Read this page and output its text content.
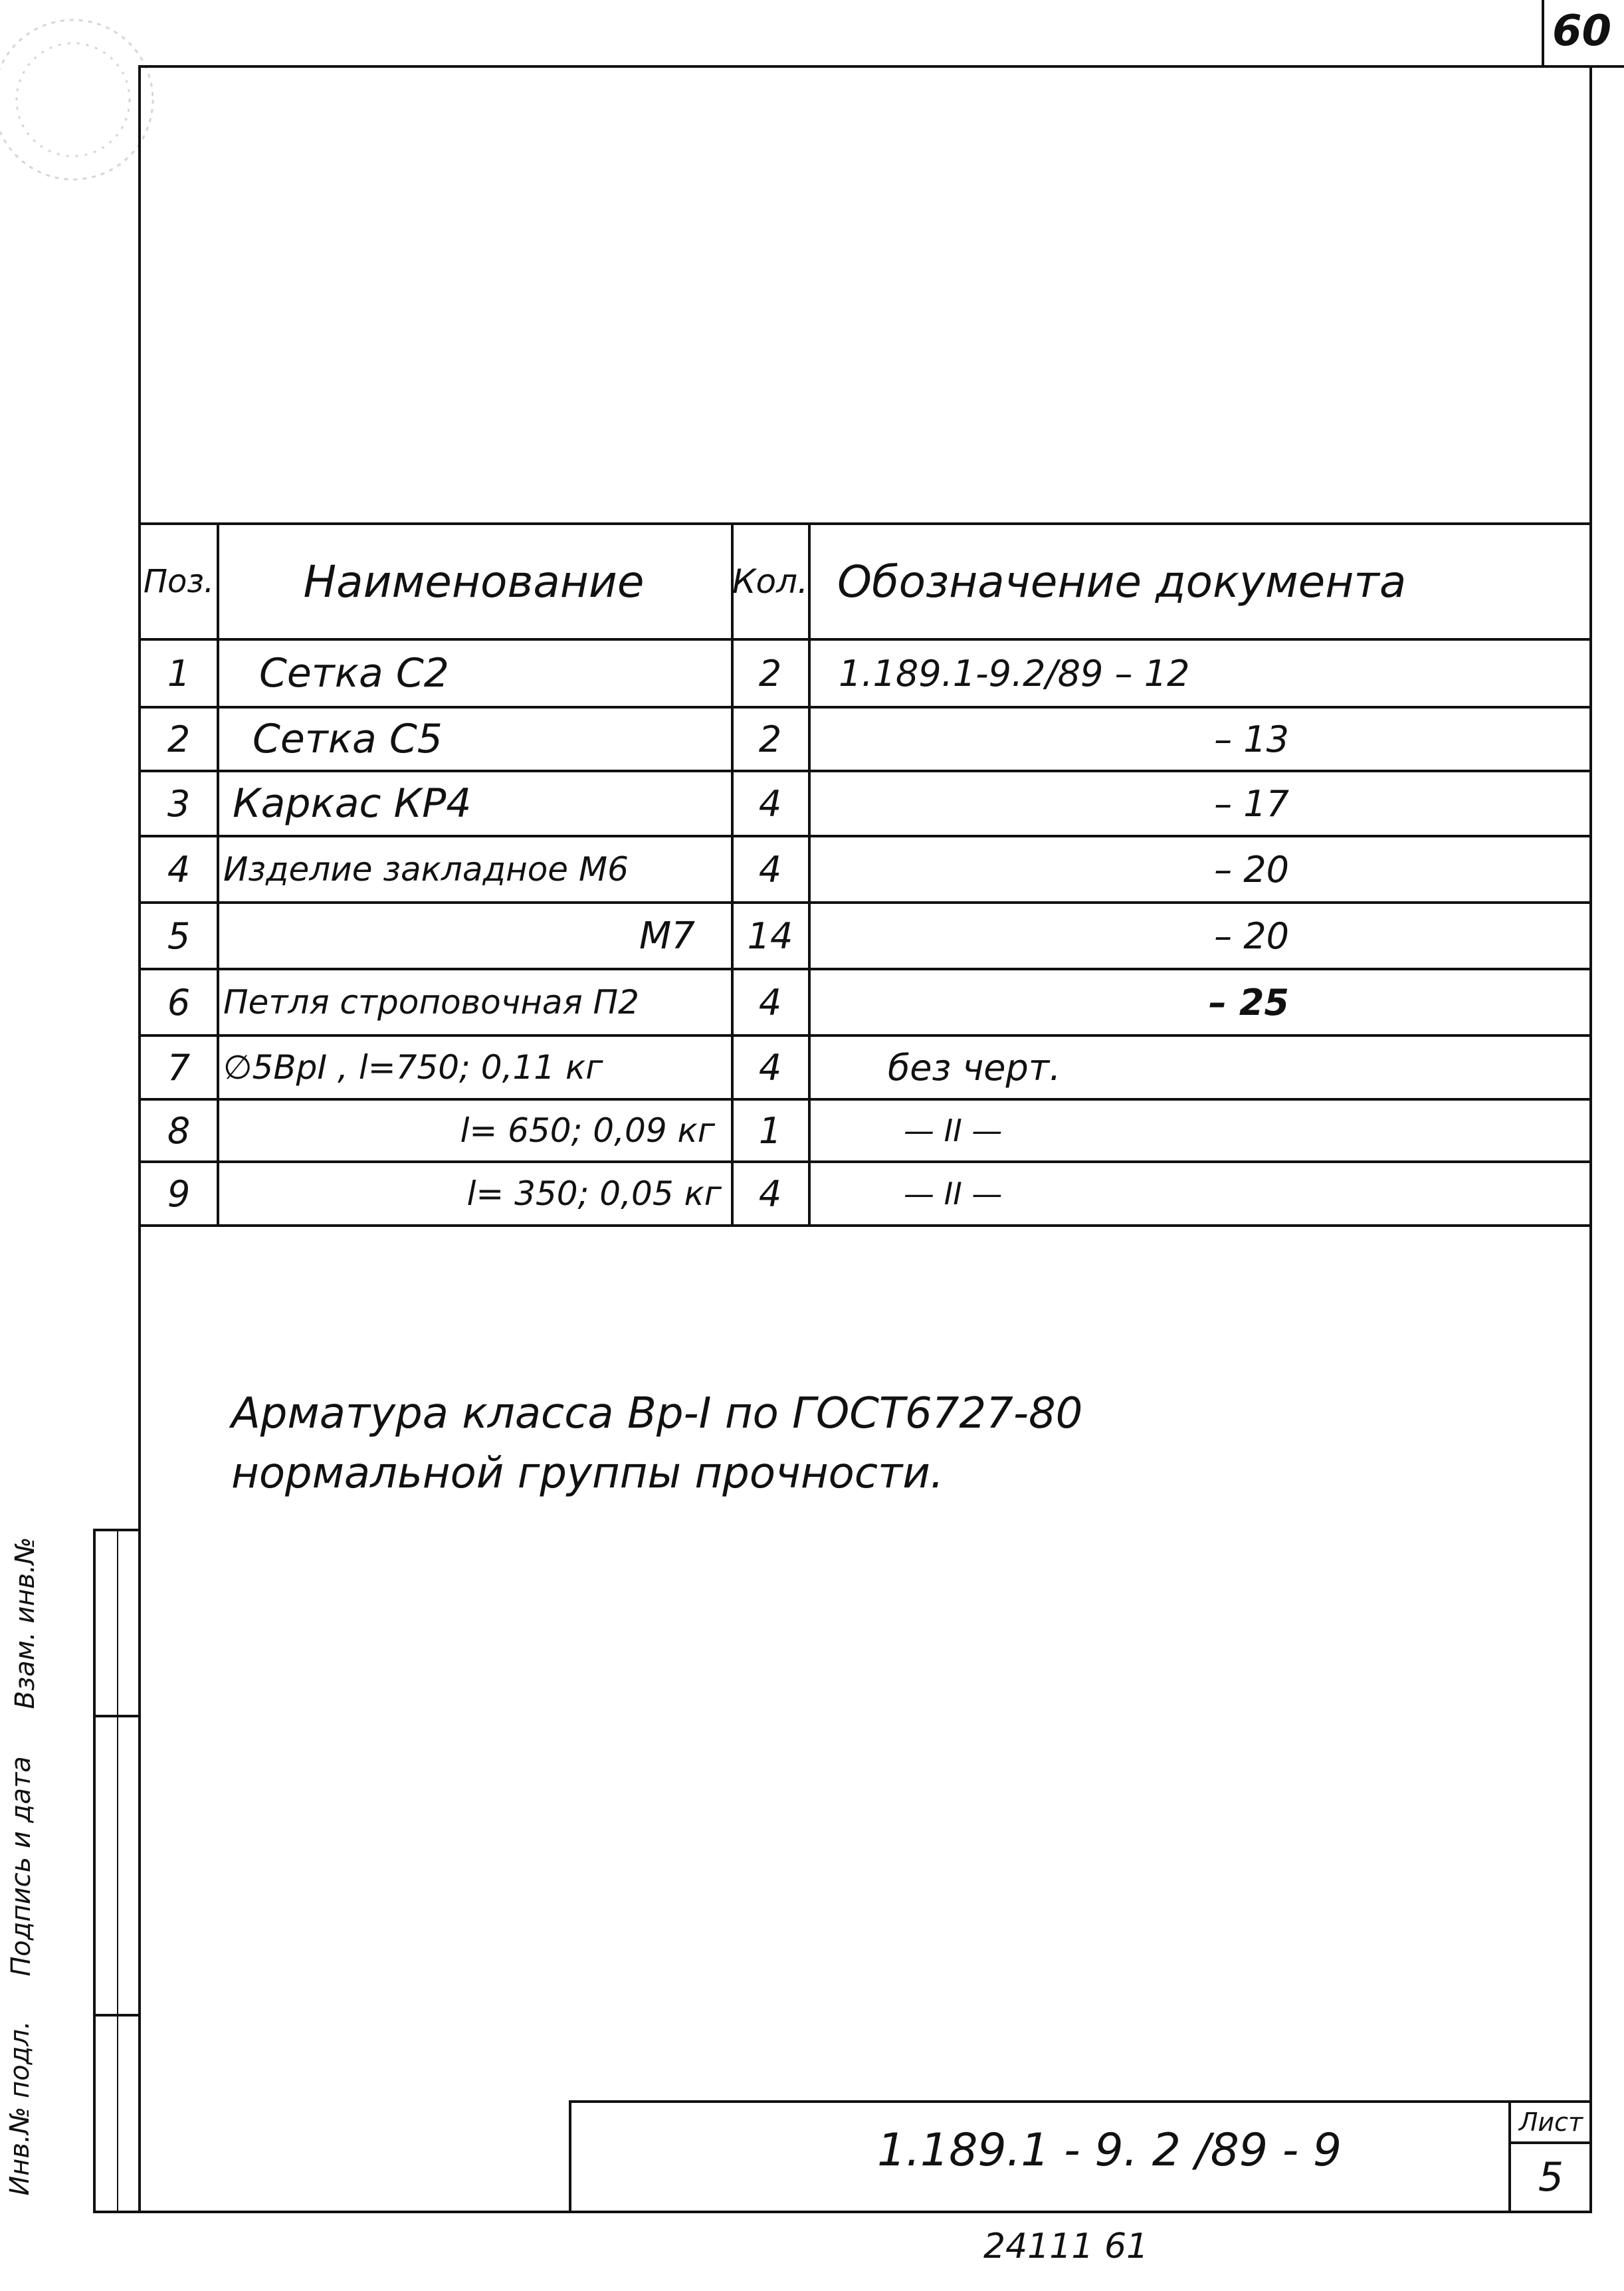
60
Поз.	Наименование	Кол. Обозначение документа
1	Сетка С2	2	1.189.1-9.2/89 – 12
2	Сетка С5	2	– 13
3	Каркас КР4	4	– 17
4 Изделие закладное М6	4	– 20
5	М7	14	– 20
6 Петля строповочная П2	4	– 25
7 ∅5ВрI , l=750; 0,11 кг	4	без черт.
8	l= 650; 0,09 кг	1	— II —
9	l= 350; 0,05 кг	4	— II —
Арматура класса Вр-I по ГОСТ6727-80
нормальной группы прочности.
Инв.№ подл.
Подпись и дата
Взам. инв.№
1.189.1 - 9. 2 /89 - 9
Лист
5
24111 61
